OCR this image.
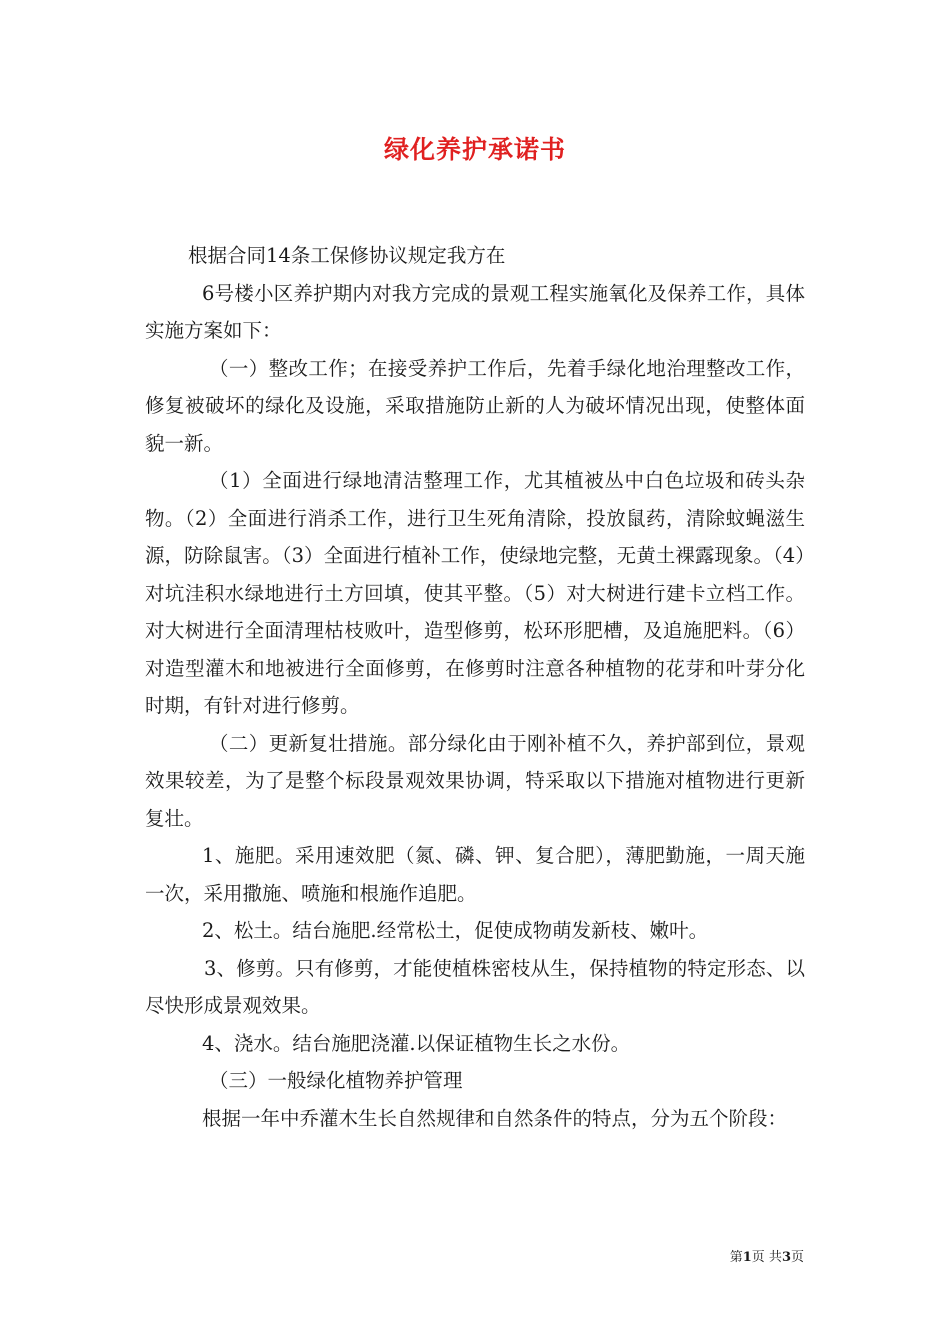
绿化养护承诺书

根据合同14条工保修协议规定我方在

6号楼小区养护期内对我方完成的景观工程实施氧化及保养工作，具体实施方案如下：

（一）整改工作；在接受养护工作后，先着手绿化地治理整改工作，修复被破坏的绿化及设施，采取措施防止新的人为破坏情况出现，使整体面貌一新。

（1）全面进行绿地清洁整理工作，尤其植被丛中白色垃圾和砖头杂物。（2）全面进行消杀工作，进行卫生死角清除，投放鼠药，清除蚊蝇滋生源，防除鼠害。（3）全面进行植补工作，使绿地完整，无黄土裸露现象。（4）对坑洼积水绿地进行土方回填，使其平整。（5）对大树进行建卡立档工作。对大树进行全面清理枯枝败叶，造型修剪，松环形肥槽，及追施肥料。（6）对造型灌木和地被进行全面修剪，在修剪时注意各种植物的花芽和叶芽分化时期，有针对进行修剪。

（二）更新复壮措施。部分绿化由于刚补植不久，养护部到位，景观效果较差，为了是整个标段景观效果协调，特采取以下措施对植物进行更新复壮。

1、施肥。采用速效肥（氮、磷、钾、复合肥），薄肥勤施，一周天施一次，采用撒施、喷施和根施作追肥。

2、松土。结台施肥.经常松土，促使成物萌发新枝、嫩叶。

3、修剪。只有修剪，才能使植株密枝从生，保持植物的特定形态、以尽快形成景观效果。

4、浇水。结台施肥浇灌.以保证植物生长之水份。

（三）一般绿化植物养护管理

根据一年中乔灌木生长自然规律和自然条件的特点，分为五个阶段：

第1页 共3页
